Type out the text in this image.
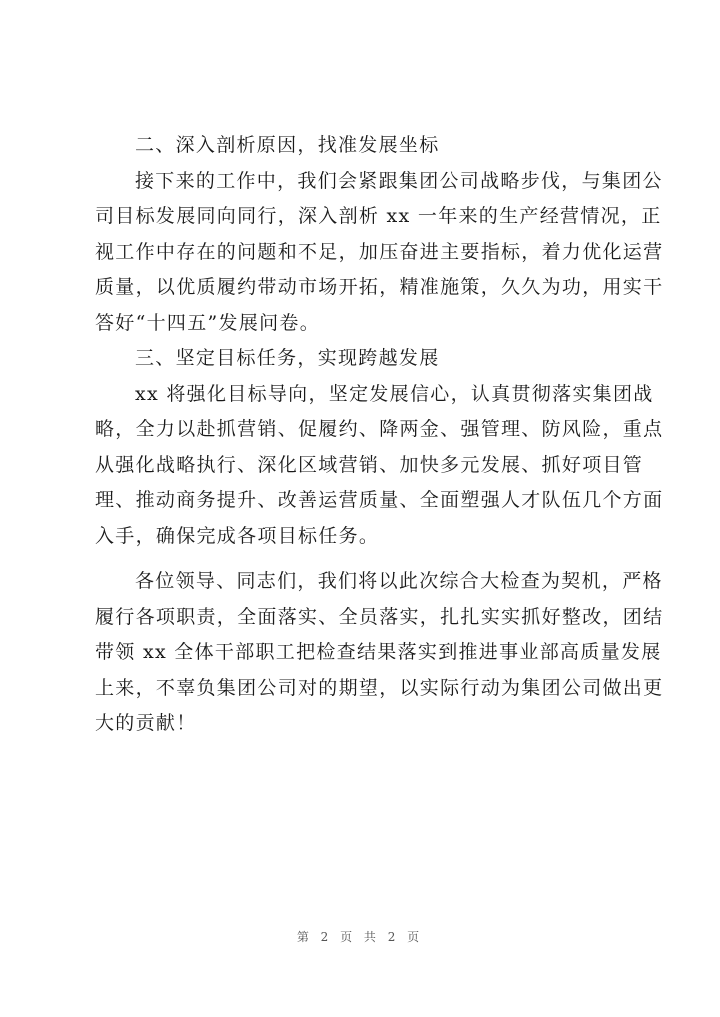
二、深入剖析原因，找准发展坐标

接下来的工作中，我们会紧跟集团公司战略步伐，与集团公
司目标发展同向同行，深入剖析 xx 一年来的生产经营情况，正
视工作中存在的问题和不足，加压奋进主要指标，着力优化运营
质量，以优质履约带动市场开拓，精准施策，久久为功，用实干
答好“十四五”发展问卷。

三、坚定目标任务，实现跨越发展

xx 将强化目标导向，坚定发展信心，认真贯彻落实集团战
略，全力以赴抓营销、促履约、降两金、强管理、防风险，重点
从强化战略执行、深化区域营销、加快多元发展、抓好项目管
理、推动商务提升、改善运营质量、全面塑强人才队伍几个方面
入手，确保完成各项目标任务。
各位领导、同志们，我们将以此次综合大检查为契机，严格
履行各项职责，全面落实、全员落实，扎扎实实抓好整改，团结
带领 xx 全体干部职工把检查结果落实到推进事业部高质量发展
上来，不辜负集团公司对的期望，以实际行动为集团公司做出更
大的贡献！
第 2 页 共 2 页
